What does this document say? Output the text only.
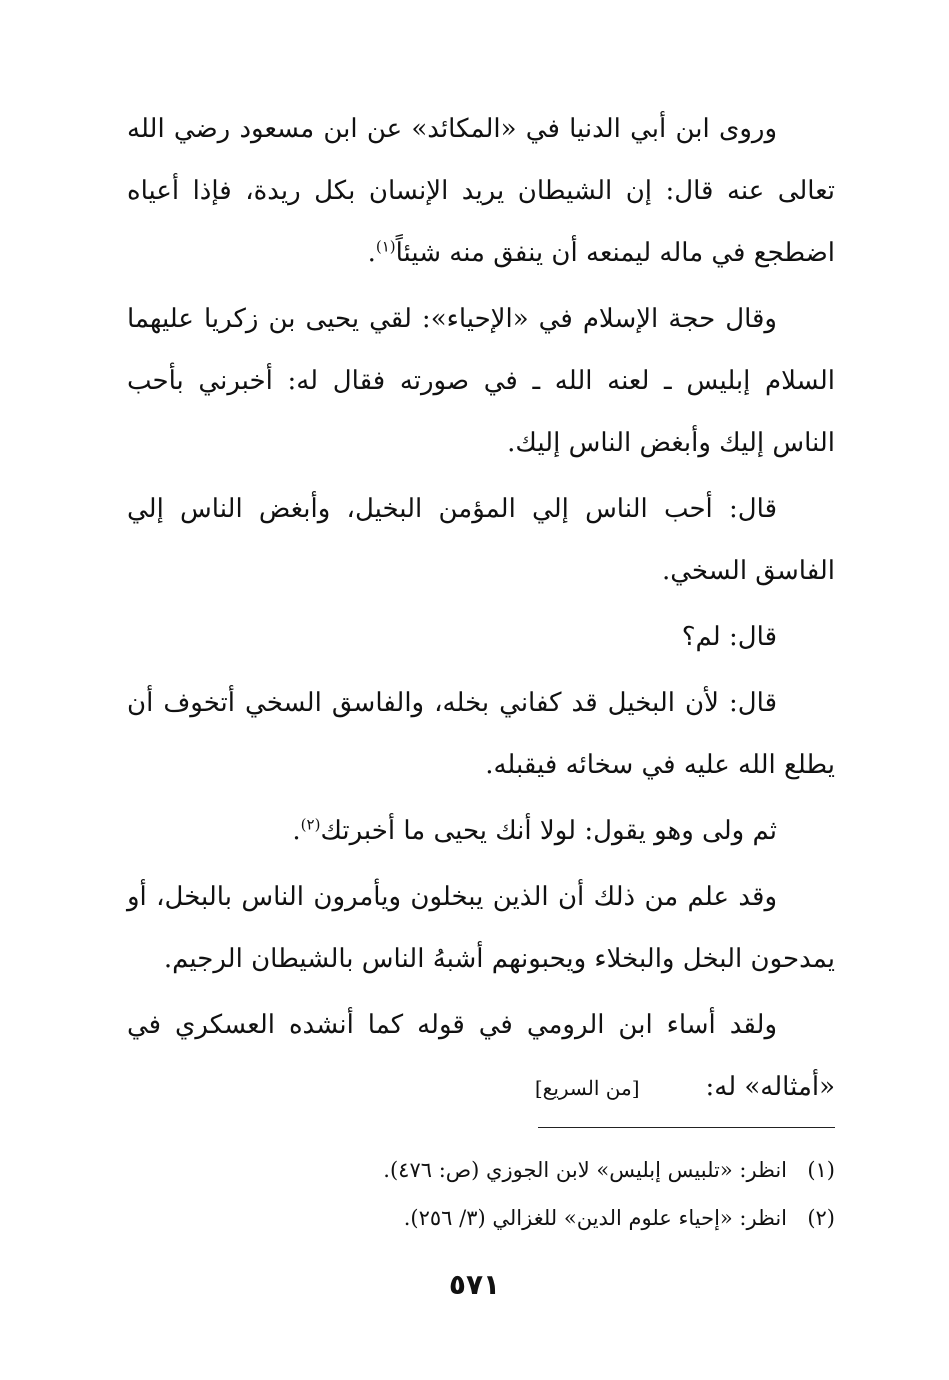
وروى ابن أبي الدنيا في «المكائد» عن ابن مسعود رضي الله تعالى عنه قال: إن الشيطان يريد الإنسان بكل ريدة، فإذا أعياه اضطجع في ماله ليمنعه أن ينفق منه شيئاً$^{(١)}$.

وقال حجة الإسلام في «الإحياء»: لقي يحيى بن زكريا عليهما السلام إبليس ـ لعنه الله ـ في صورته فقال له: أخبرني بأحب الناس إليك وأبغض الناس إليك.

قال: أحب الناس إلي المؤمن البخيل، وأبغض الناس إلي الفاسق السخي.

قال: لم؟

قال: لأن البخيل قد كفاني بخله، والفاسق السخي أتخوف أن يطلع الله عليه في سخائه فيقبله.

ثم ولى وهو يقول: لولا أنك يحيى ما أخبرتك$^{(٢)}$.

وقد علم من ذلك أن الذين يبخلون ويأمرون الناس بالبخل، أو يمدحون البخل والبخلاء ويحبونهم أشبهُ الناس بالشيطان الرجيم.

ولقد أساء ابن الرومي في قوله كما أنشده العسكري في «أمثاله» له:[من السريع]

(١)انظر: «تلبيس إبليس» لابن الجوزي (ص: ٤٧٦).

(٢)انظر: «إحياء علوم الدين» للغزالي (٣/ ٢٥٦).

٥٧١
